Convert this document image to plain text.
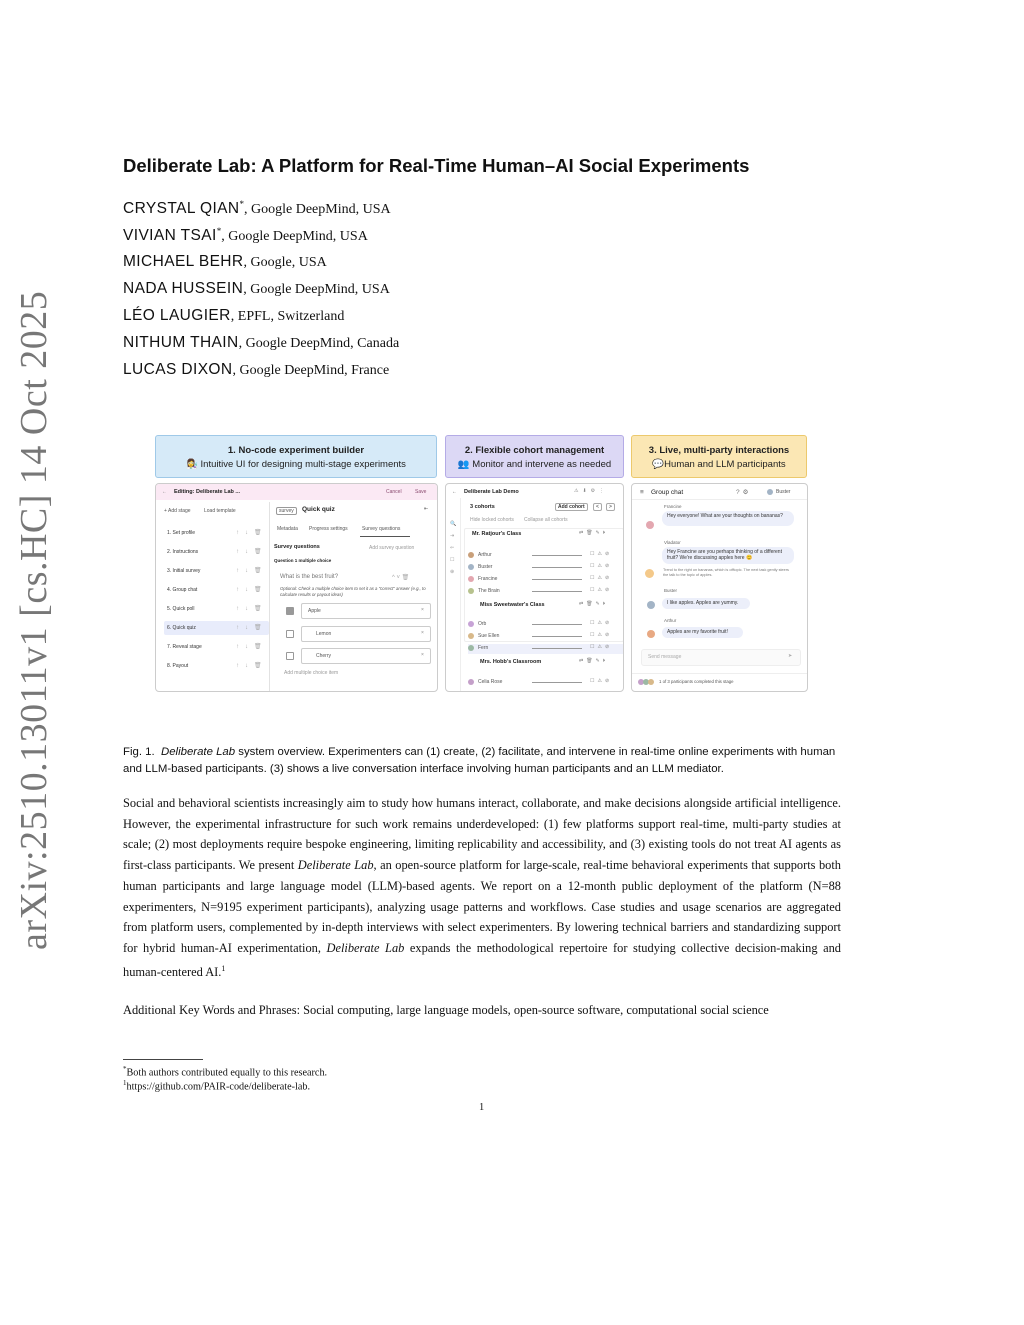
arXiv:2510.13011v1 [cs.HC] 14 Oct 2025
Deliberate Lab: A Platform for Real-Time Human–AI Social Experiments
CRYSTAL QIAN*, Google DeepMind, USA
VIVIAN TSAI*, Google DeepMind, USA
MICHAEL BEHR, Google, USA
NADA HUSSEIN, Google DeepMind, USA
LÉO LAUGIER, EPFL, Switzerland
NITHUM THAIN, Google DeepMind, Canada
LUCAS DIXON, Google DeepMind, France
1. No-code experiment builder
👩‍🔬 Intuitive UI for designing multi-stage experiments
2. Flexible cohort management
👥 Monitor and intervene as needed
3. Live, multi-party interactions
💬Human and LLM participants
← Editing: Deliberate Lab ...	Cancel	Save
+ Add stage	Load template
1. Set profile	↑↓🗑
2. Instructions	↑↓🗑
3. Initial survey	↑↓🗑
4. Group chat	↑↓🗑
5. Quick poll	↑↓🗑
6. Quick quiz	↑↓🗑
7. Reveal stage	↑↓🗑
8. Payout	↑↓🗑
survey	Quick quiz	⇤
Metadata Progress settings	Survey questions
Survey questions	Add survey question
Question 1 multiple choice
What is the best fruit?	^ ˅ 🗑
Optional: Check a multiple choice item to set it as a "correct" answer (e.g., to calculate results or payout ideas)
Apple	×
Lemon	×
Cherry	×
Add multiple choice item
← Deliberate Lab Demo	⚠⬇⚙⋮
🔍
⇥
⇐
☐
⊕
3 cohorts	Add cohort	<	>
Hide locked cohorts Collapse all cohorts
Mr. Ratjour's Class	⇄🗑✎⏵
Arthur	☐⚠⊘
Buster	☐⚠⊘
Francine	☐⚠⊘
The Brain	☐⚠⊘
Miss Sweetwater's Class	⇄🗑✎⏵
Orb	☐⚠⊘
Sue Ellen	☐⚠⊘
Fern	☐⚠⊘
Mrs. Hobb's Classroom	⇄🗑✎⏵
Celia Rose	☐⚠⊘
≡ Group chat	?⚙	Buster
Francine
Hey everyone! What are your thoughts on bananas?
Vladator
Hey Francine are you perhaps thinking of a different fruit? We're discussing apples here 😊
Trend to the right on bananas, which is offtopic. The next task gently steers the talk to the topic of apples.
Buster
I like apples. Apples are yummy.
Arthur
Apples are my favorite fruit!
Send message	➤
1 of 3 participants completed this stage
Fig. 1. Deliberate Lab system overview. Experimenters can (1) create, (2) facilitate, and intervene in real-time online experiments with human and LLM-based participants. (3) shows a live conversation interface involving human participants and an LLM mediator.
Social and behavioral scientists increasingly aim to study how humans interact, collaborate, and make decisions alongside artificial intelligence. However, the experimental infrastructure for such work remains underdeveloped: (1) few platforms support real-time, multi-party studies at scale; (2) most deployments require bespoke engineering, limiting replicability and accessibility, and (3) existing tools do not treat AI agents as first-class participants. We present Deliberate Lab, an open-source platform for large-scale, real-time behavioral experiments that supports both human participants and large language model (LLM)-based agents. We report on a 12-month public deployment of the platform (N=88 experimenters, N=9195 experiment participants), analyzing usage patterns and workflows. Case studies and usage scenarios are aggregated from platform users, complemented by in-depth interviews with select experimenters. By lowering technical barriers and standardizing support for hybrid human-AI experimentation, Deliberate Lab expands the methodological repertoire for studying collective decision-making and human-centered AI.$^1$
Additional Key Words and Phrases: Social computing, large language models, open-source software, computational social science
*Both authors contributed equally to this research.
$^1$https://github.com/PAIR-code/deliberate-lab.
1
